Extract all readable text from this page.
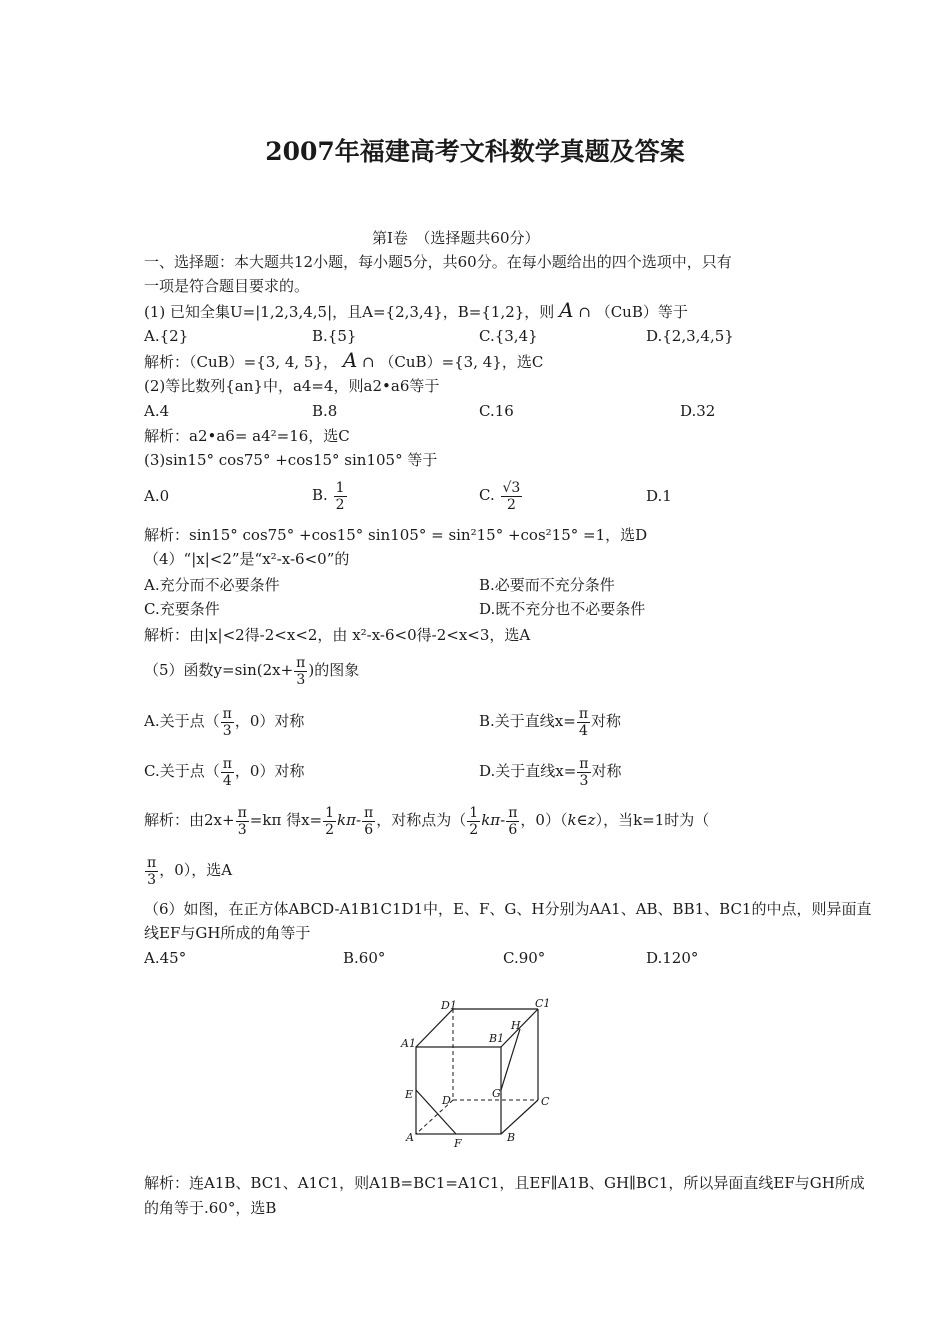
2007年福建高考文科数学真题及答案
第Ⅰ卷　（选择题共60分）
一、选择题：本大题共12小题，每小题5分，共60分。在每小题给出的四个选项中，只有
一项是符合题目要求的。
(1) 已知全集U=|1,2,3,4,5|，且A={2,3,4}，B={1,2}，则 A ∩ （CuB）等于
A.{2}	B.{5}	C.{3,4}	D.{2,3,4,5}
解析：（CuB）={3, 4, 5}， A ∩ （CuB）={3, 4}，选C
(2)等比数列{an}中，a4=4，则a2•a6等于
A.4	B.8	C.16	D.32
解析：a2•a6= a4²=16，选C
(3)sin15° cos75° +cos15° sin105° 等于
A.0	B. $\frac{1}{2}$	C. $\frac{√3}{2}$	D.1
解析：sin15° cos75° +cos15° sin105° = sin²15° +cos²15° =1，选D
（4）“|x|<2”是“x²-x-6<0”的
A.充分而不必要条件	B.必要而不充分条件
C.充要条件	D.既不充分也不必要条件
解析：由|x|<2得-2<x<2，由 x²-x-6<0得-2<x<3，选A
（5）函数$y=\sin(2x+ \frac{\pi}{3}$ )的图象
A.关于点（ $\frac{\pi}{3}$ ，0）对称	B.关于直线$x= \frac{\pi}{4}$ 对称
C.关于点（ $\frac{\pi}{4}$ ，0）对称	D.关于直线$x= \frac{\pi}{3}$ 对称
解析：由$2x+ \frac{\pi}{3} =k\pi$ 得$x= \frac{1}{2} k\pi- \frac{\pi}{6}$ ，对称点为（ $\frac{1}{2} k\pi- \frac{\pi}{6}$ ，0）（k∈z），当k=1时为（
$\frac{\pi}{3}$ ，0），选A
（6）如图，在正方体ABCD-A1B1C1D1中，E、F、G、H分别为AA1、AB、BB1、BC1的中点，则异面直
线EF与GH所成的角等于
A.45°	B.60°	C.90°	D.120°
D1	C1
A1	B1
H
E	D
G
C
A	F	B
解析：连A1B、BC1、A1C1，则A1B=BC1=A1C1，且EF∥A1B、GH∥BC1，所以异面直线EF与GH所成
的角等于.60°，选B
